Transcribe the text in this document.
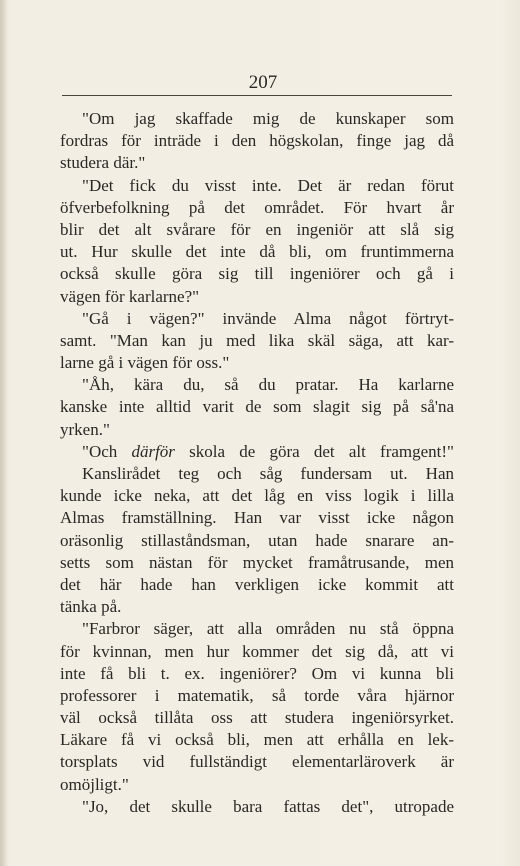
207
"Om jag skaffade mig de kunskaper som
fordras för inträde i den högskolan, finge jag då
studera där."
"Det fick du visst inte. Det är redan förut
öfverbefolkning på det området. För hvart år
blir det alt svårare för en ingeniör att slå sig
ut. Hur skulle det inte då bli, om fruntimmerna
också skulle göra sig till ingeniörer och gå i
vägen för karlarne?"
"Gå i vägen?" invände Alma något förtryt-
samt. "Man kan ju med lika skäl säga, att kar-
larne gå i vägen för oss."
"Åh, kära du, så du pratar. Ha karlarne
kanske inte alltid varit de som slagit sig på så'na
yrken."
"Och därför skola de göra det alt framgent!"
Kanslirådet teg och såg fundersam ut. Han
kunde icke neka, att det låg en viss logik i lilla
Almas framställning. Han var visst icke någon
oräsonlig stillaståndsman, utan hade snarare an-
setts som nästan för mycket framåtrusande, men
det här hade han verkligen icke kommit att
tänka på.
"Farbror säger, att alla områden nu stå öppna
för kvinnan, men hur kommer det sig då, att vi
inte få bli t. ex. ingeniörer? Om vi kunna bli
professorer i matematik, så torde våra hjärnor
väl också tillåta oss att studera ingeniörsyrket.
Läkare få vi också bli, men att erhålla en lek-
torsplats vid fullständigt elementarläroverk är
omöjligt."
"Jo, det skulle bara fattas det", utropade
